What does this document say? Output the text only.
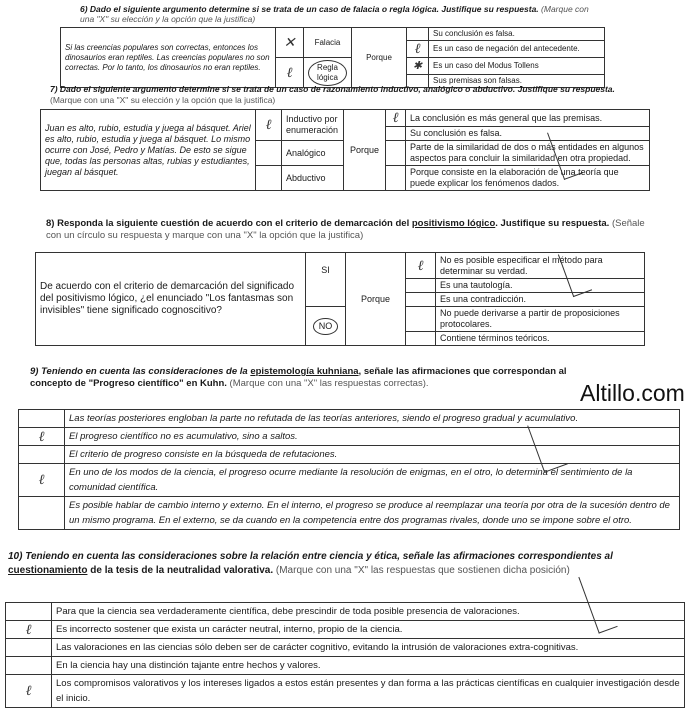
6) Dado el siguiente argumento determine si se trata de un caso de falacia o regla lógica. Justifique su respuesta. (Marque con una "X" su elección y la opción que la justifica)
Si las creencias populares son correctas, entonces los dinosaurios eran reptiles. Las creencias populares no son correctas. Por lo tanto, los dinosaurios no eran reptiles.	✕	Falacia	Porque		Su conclusión es falsa.
				ℓ	Es un caso de negación del antecedente.
	ℓ	Regla lógica		✱	Es un caso del Modus Tollens
					Sus premisas son falsas.
7) Dado el siguiente argumento determine si se trata de un caso de razonamiento inductivo, analógico o abductivo. Justifique su respuesta. (Marque con una "X" su elección y la opción que la justifica)
Juan es alto, rubio, estudia y juega al básquet. Ariel es alto, rubio, estudia y juega al básquet. Lo mismo ocurre con José, Pedro y Matías. De esto se sigue que, todas las personas altas, rubias y estudiantes, juegan al básquet.	ℓ	Inductivo por enumeración	Porque	ℓ	La conclusión es más general que las premisas.
					Su conclusión es falsa.
		Analógico			Parte de la similaridad de dos o más entidades en algunos aspectos para concluir la similaridad en otra propiedad.
		Abductivo			Porque consiste en la elaboración de una teoría que puede explicar los fenómenos dados.
8) Responda la siguiente cuestión de acuerdo con el criterio de demarcación del positivismo lógico. Justifique su respuesta. (Señale con un círculo su respuesta y marque con una "X" la opción que la justifica)
De acuerdo con el criterio de demarcación del significado del positivismo lógico, ¿el enunciado "Los fantasmas son invisibles" tiene significado cognoscitivo?	SI	Porque	ℓ	No es posible especificar el método para determinar su verdad.
				Es una tautología.
				Es una contradicción.
	NO			No puede derivarse a partir de proposiciones protocolares.
				Contiene términos teóricos.
9) Teniendo en cuenta las consideraciones de la epistemología kuhniana, señale las afirmaciones que correspondan al concepto de "Progreso científico" en Kuhn. (Marque con una "X" las respuestas correctas).	Altillo.com
	Las teorías posteriores engloban la parte no refutada de las teorías anteriores, siendo el progreso gradual y acumulativo.
ℓ	El progreso científico no es acumulativo, sino a saltos.
	El criterio de progreso consiste en la búsqueda de refutaciones.
ℓ	En uno de los modos de la ciencia, el progreso ocurre mediante la resolución de enigmas, en el otro, lo determina el sentimiento de la comunidad científica.
	Es posible hablar de cambio interno y externo. En el interno, el progreso se produce al reemplazar una teoría por otra de la sucesión dentro de un mismo programa. En el externo, se da cuando en la competencia entre dos programas rivales, donde uno se impone sobre el otro.
10) Teniendo en cuenta las consideraciones sobre la relación entre ciencia y ética, señale las afirmaciones correspondientes al cuestionamiento de la tesis de la neutralidad valorativa. (Marque con una "X" las respuestas que sostienen dicha posición)
	Para que la ciencia sea verdaderamente científica, debe prescindir de toda posible presencia de valoraciones.
ℓ	Es incorrecto sostener que exista un carácter neutral, interno, propio de la ciencia.
	Las valoraciones en las ciencias sólo deben ser de carácter cognitivo, evitando la intrusión de valoraciones extra-cognitivas.
	En la ciencia hay una distinción tajante entre hechos y valores.
ℓ	Los compromisos valorativos y los intereses ligados a estos están presentes y dan forma a las prácticas científicas en cualquier investigación desde el inicio.
